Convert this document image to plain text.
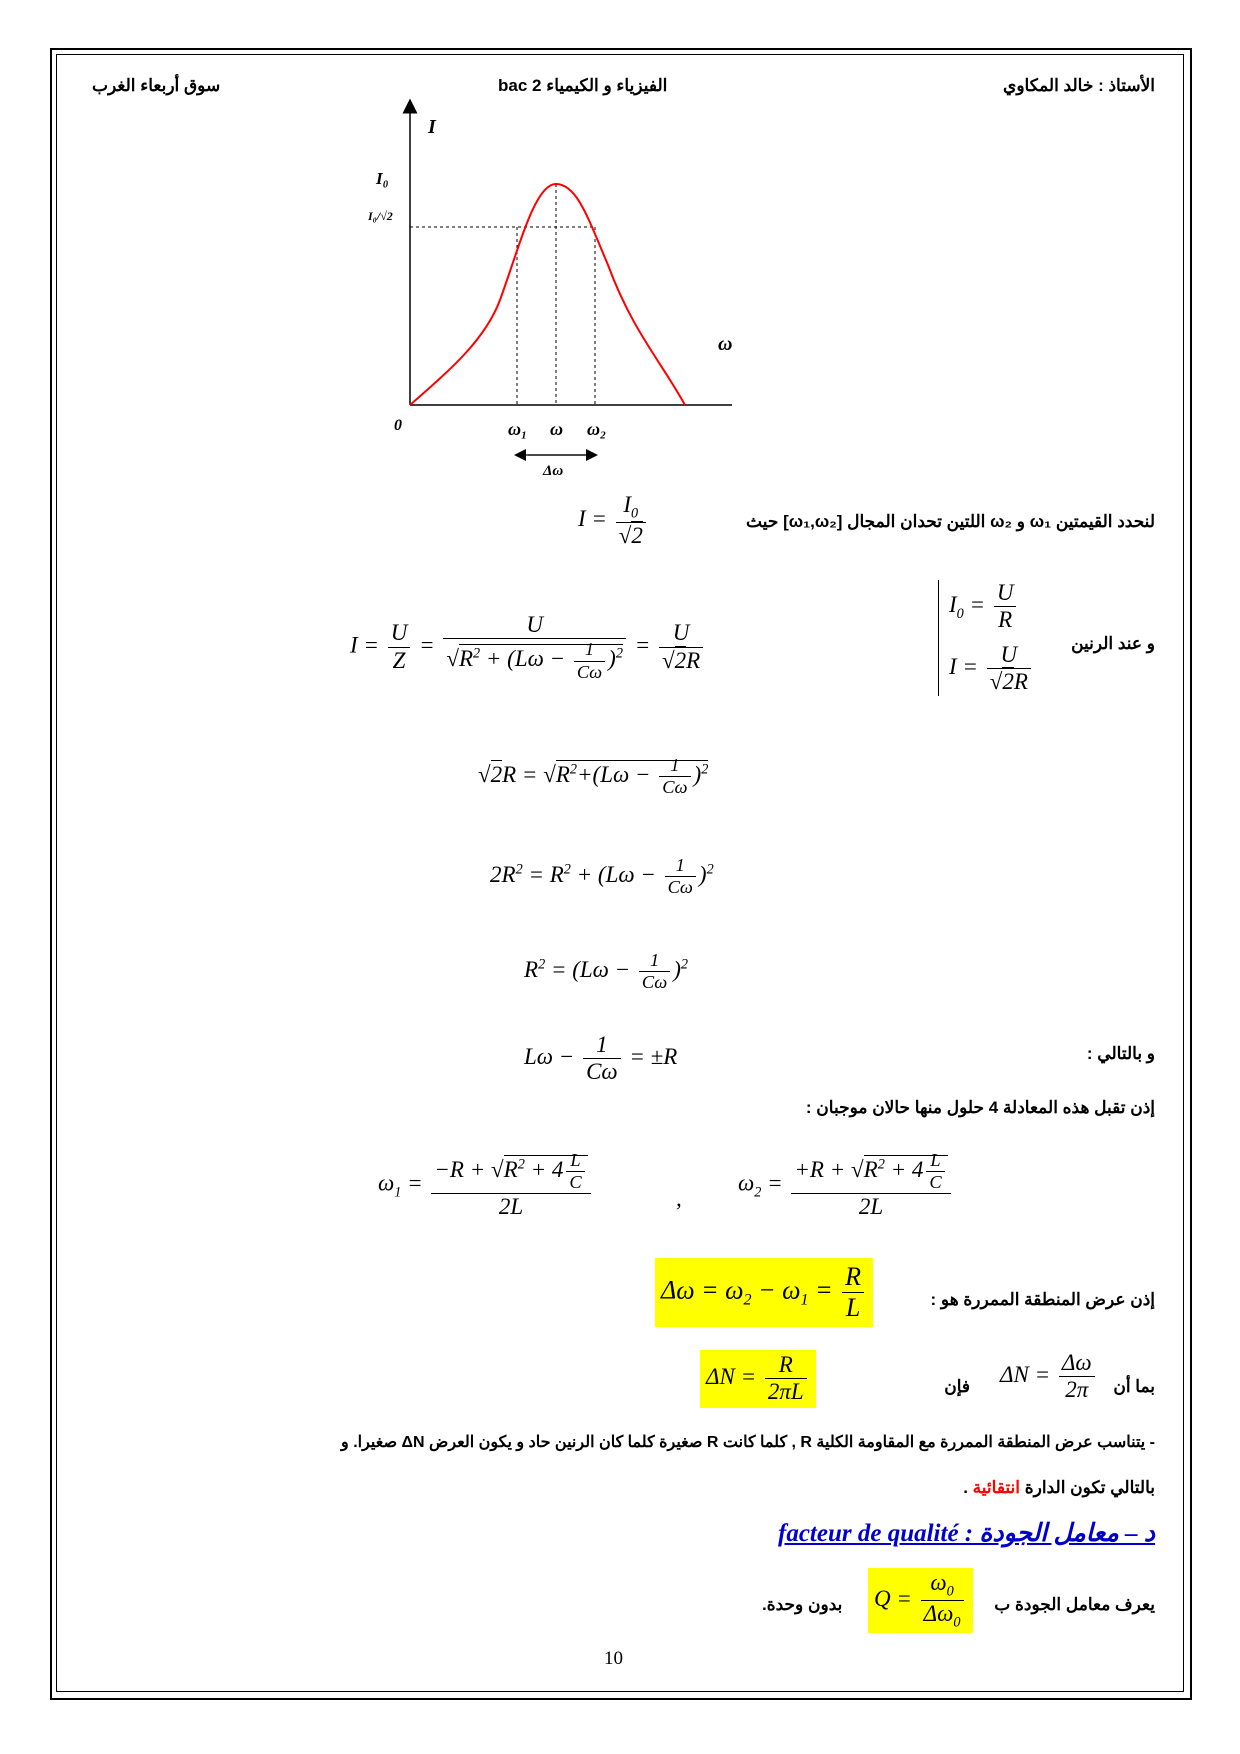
الأستاذ : خالد المكاوي
الفيزياء و الكيمياء 2 bac
سوق أربعاء الغرب
I
ω
0
I₀
I₀/√2
ω₁ ω ω₂
Δω
لنحدد القيمتين ω₁ و ω₂ اللتين تحدان المجال [ω₁,ω₂] حيث
$I = \frac{I_0}{√2}$
و عند الرنين
$I_0 = \frac{U}{R}$
$I = \frac{U}{√2R}$
$I = \frac{U}{Z} = \frac{U}{√R^2 + (L\omega - \frac{1}{C\omega} )^2} = \frac{U}{√2R}$
$√2R = √R^2+(L\omega - \frac{1}{C\omega} )^2$
$2R^2 = R^2 + (L\omega - \frac{1}{C\omega} )^2$
$R^2 = (L\omega - \frac{1}{C\omega} )^2$
و بالتالي :
$L\omega - \frac{1}{C\omega} = \pm R$
إذن تقبل هذه المعادلة 4 حلول منها حالان موجبان :
$\omega_1 = \frac{-R + √R^2 + 4 \frac{L}{C}}{2L}$	,
$\omega_2 = \frac{+R + √R^2 + 4 \frac{L}{C}}{2L}$
إذن عرض المنطقة الممررة هو :
$\Delta\omega = \omega_2 - \omega_1 = \frac{R}{L}$
بما أن
$\Delta N = \frac{\Delta\omega}{2\pi}$
فإن
$\Delta N = \frac{R}{2\pi L}$
- يتناسب عرض المنطقة الممررة مع المقاومة الكلية R , كلما كانت R صغيرة كلما كان الرنين حاد و يكون العرض ΔN صغيرا. و
بالتالي تكون الدارة انتقائية .
د – معامل الجودة : facteur de qualité
يعرف معامل الجودة ب
$Q = \frac{\omega_0}{\Delta\omega_0}$
بدون وحدة.
10
